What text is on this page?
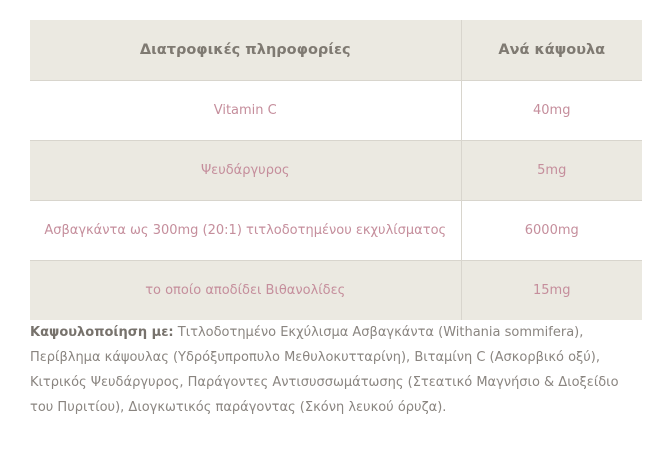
Διατροφικές πληροφορίες	Ανά κάψουλα
Vitamin C	40mg
Ψευδάργυρος	5mg
Ασβαγκάντα ως 300mg (20:1) τιτλοδοτημένου εκχυλίσματος	6000mg
το οποίο αποδίδει Βιθανολίδες	15mg

Καψουλοποίηση με: Τιτλοδοτημένο Εκχύλισμα Ασβαγκάντα (Withania sommifera), Περίβλημα κάψουλας (Υδρόξυπροπυλο Μεθυλοκυτταρίνη), Βιταμίνη C (Ασκορβικό οξύ), Κιτρικός Ψευδάργυρος, Παράγοντες Αντισυσσωμάτωσης (Στεατικό Μαγνήσιο & Διοξείδιο του Πυριτίου), Διογκωτικός παράγοντας (Σκόνη λευκού όρυζα).
